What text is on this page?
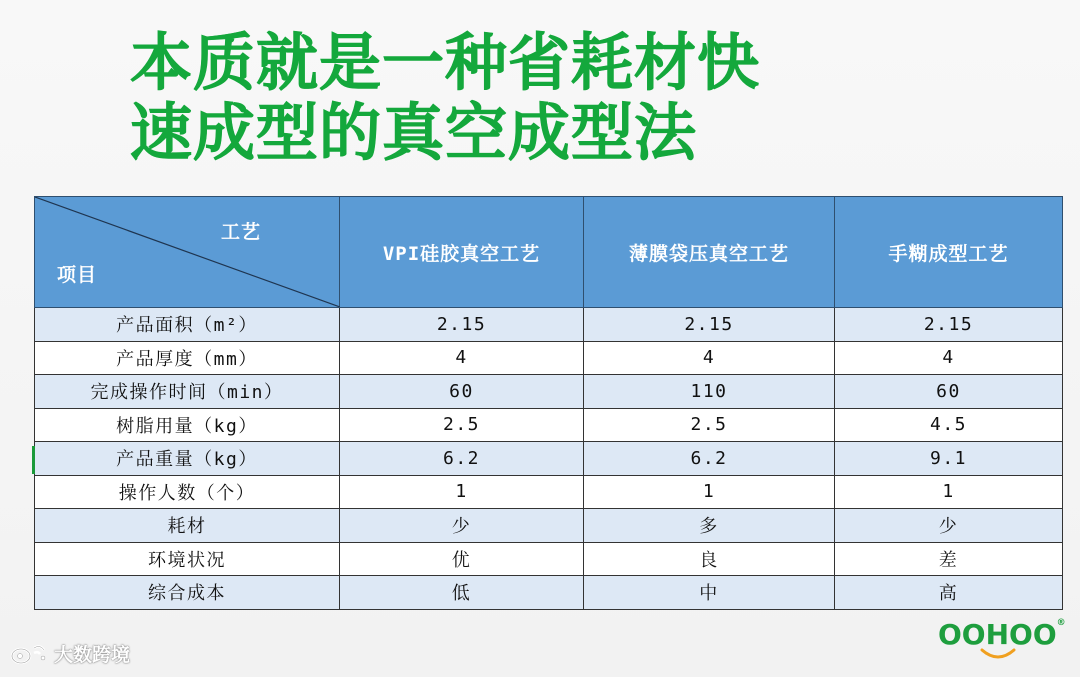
本质就是一种省耗材快
速成型的真空成型法
工艺
项目	VPI硅胶真空工艺	薄膜袋压真空工艺	手糊成型工艺
产品面积（m²）	2.15	2.15	2.15
产品厚度（mm）	4	4	4
完成操作时间（min）	60	110	60
树脂用量（kg）	2.5	2.5	4.5
产品重量（kg）	6.2	6.2	9.1
操作人数（个）	1	1	1
耗材	少	多	少
环境状况	优	良	差
综合成本	低	中	高
大数跨境
OOHOO®
